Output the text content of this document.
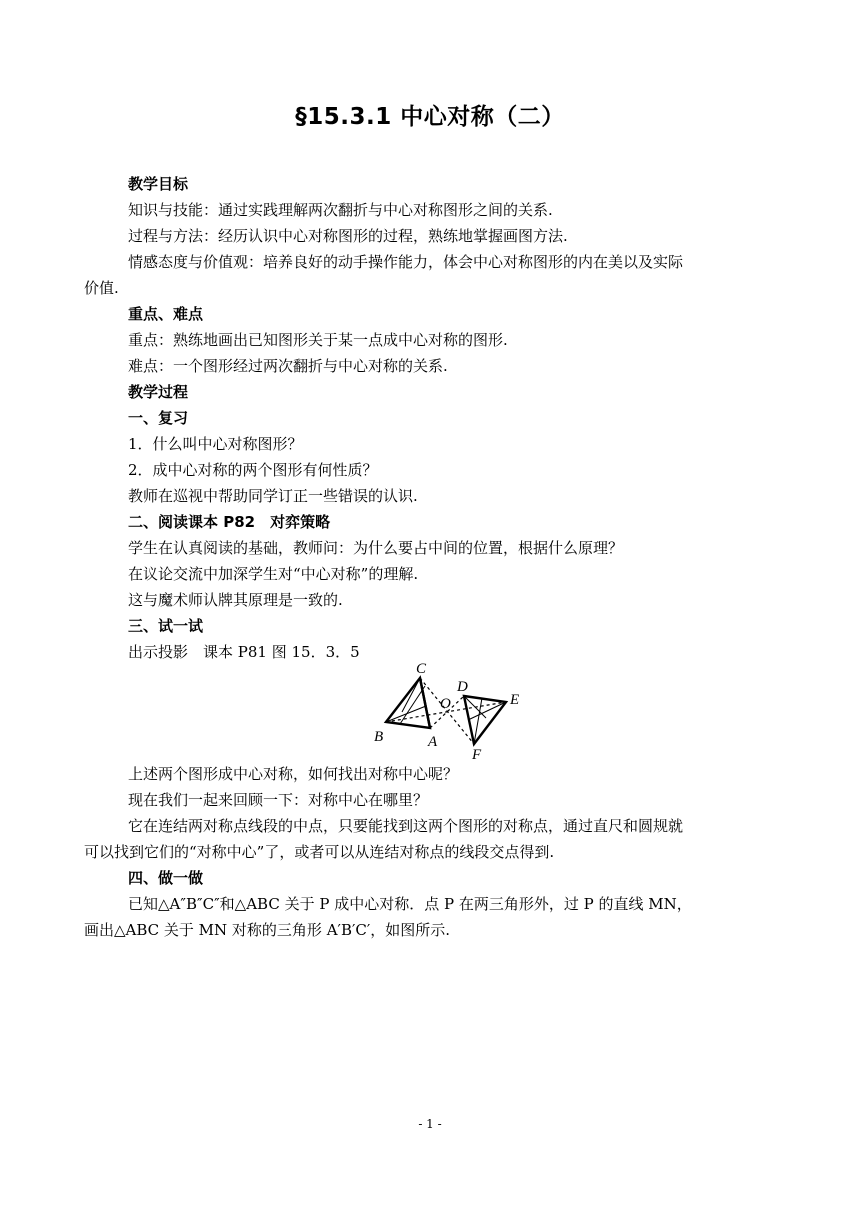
§15.3.1 中心对称（二）
教学目标
知识与技能：通过实践理解两次翻折与中心对称图形之间的关系.
过程与方法：经历认识中心对称图形的过程，熟练地掌握画图方法.
情感态度与价值观：培养良好的动手操作能力，体会中心对称图形的内在美以及实际
价值.
重点、难点
重点：熟练地画出已知图形关于某一点成中心对称的图形.
难点：一个图形经过两次翻折与中心对称的关系.
教学过程
一、复习
1．什么叫中心对称图形？
2．成中心对称的两个图形有何性质？
教师在巡视中帮助同学订正一些错误的认识.
二、阅读课本 P82　对弈策略
学生在认真阅读的基础，教师问：为什么要占中间的位置，根据什么原理？
在议论交流中加深学生对“中心对称”的理解.
这与魔术师认牌其原理是一致的.
三、试一试
出示投影　课本 P81 图 15．3．5
C
B	A
O
D
E
F
上述两个图形成中心对称，如何找出对称中心呢？
现在我们一起来回顾一下：对称中心在哪里？
它在连结两对称点线段的中点，只要能找到这两个图形的对称点，通过直尺和圆规就
可以找到它们的“对称中心”了，或者可以从连结对称点的线段交点得到.
四、做一做
已知△A″B″C″和△ABC 关于 P 成中心对称．点 P 在两三角形外，过 P 的直线 MN，
画出△ABC 关于 MN 对称的三角形 A′B′C′，如图所示.
- 1 -
